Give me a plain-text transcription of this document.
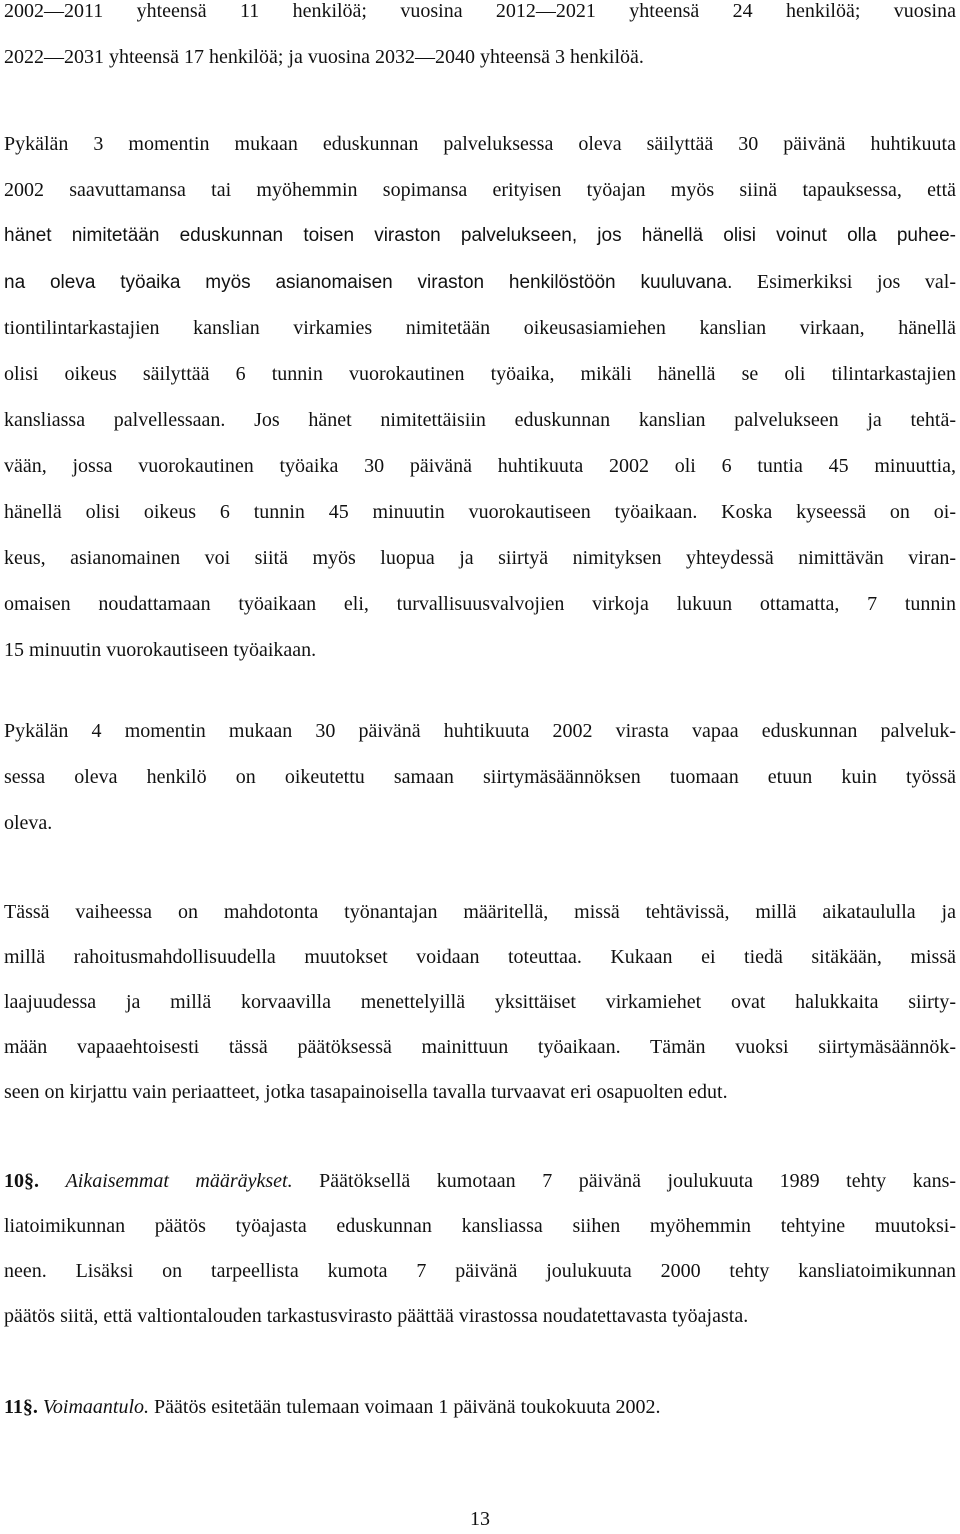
2002—2011 yhteensä 11 henkilöä; vuosina 2012—2021 yhteensä 24 henkilöä; vuosina
2022—2031 yhteensä 17 henkilöä; ja vuosina 2032—2040 yhteensä 3 henkilöä.
Pykälän 3 momentin mukaan eduskunnan palveluksessa oleva säilyttää 30 päivänä huhtikuuta
2002 saavuttamansa tai myöhemmin sopimansa erityisen työajan myös siinä tapauksessa, että
hänet nimitetään eduskunnan toisen viraston palvelukseen, jos hänellä olisi voinut olla puhee-
na oleva työaika myös asianomaisen viraston henkilöstöön kuuluvana. Esimerkiksi jos val-
tiontilintarkastajien kanslian virkamies nimitetään oikeusasiamiehen kanslian virkaan, hänellä
olisi oikeus säilyttää 6 tunnin vuorokautinen työaika, mikäli hänellä se oli tilintarkastajien
kansliassa palvellessaan. Jos hänet nimitettäisiin eduskunnan kanslian palvelukseen ja tehtä-
vään, jossa vuorokautinen työaika 30 päivänä huhtikuuta 2002 oli 6 tuntia 45 minuuttia,
hänellä olisi oikeus 6 tunnin 45 minuutin vuorokautiseen työaikaan. Koska kyseessä on oi-
keus, asianomainen voi siitä myös luopua ja siirtyä nimityksen yhteydessä nimittävän viran-
omaisen noudattamaan työaikaan eli, turvallisuusvalvojien virkoja lukuun ottamatta, 7 tunnin
15 minuutin vuorokautiseen työaikaan.
Pykälän 4 momentin mukaan 30 päivänä huhtikuuta 2002 virasta vapaa eduskunnan palveluk-
sessa oleva henkilö on oikeutettu samaan siirtymäsäännöksen tuomaan etuun kuin työssä
oleva.
Tässä vaiheessa on mahdotonta työnantajan määritellä, missä tehtävissä, millä aikataululla ja
millä rahoitusmahdollisuudella muutokset voidaan toteuttaa. Kukaan ei tiedä sitäkään, missä
laajuudessa ja millä korvaavilla menettelyillä yksittäiset virkamiehet ovat halukkaita siirty-
mään vapaaehtoisesti tässä päätöksessä mainittuun työaikaan. Tämän vuoksi siirtymäsäännök-
seen on kirjattu vain periaatteet, jotka tasapainoisella tavalla turvaavat eri osapuolten edut.
10§. Aikaisemmat määräykset. Päätöksellä kumotaan 7 päivänä joulukuuta 1989 tehty kans-
liatoimikunnan päätös työajasta eduskunnan kansliassa siihen myöhemmin tehtyine muutoksi-
neen. Lisäksi on tarpeellista kumota 7 päivänä joulukuuta 2000 tehty kansliatoimikunnan
päätös siitä, että valtiontalouden tarkastusvirasto päättää virastossa noudatettavasta työajasta.
11§. Voimaantulo. Päätös esitetään tulemaan voimaan 1 päivänä toukokuuta 2002.
13
